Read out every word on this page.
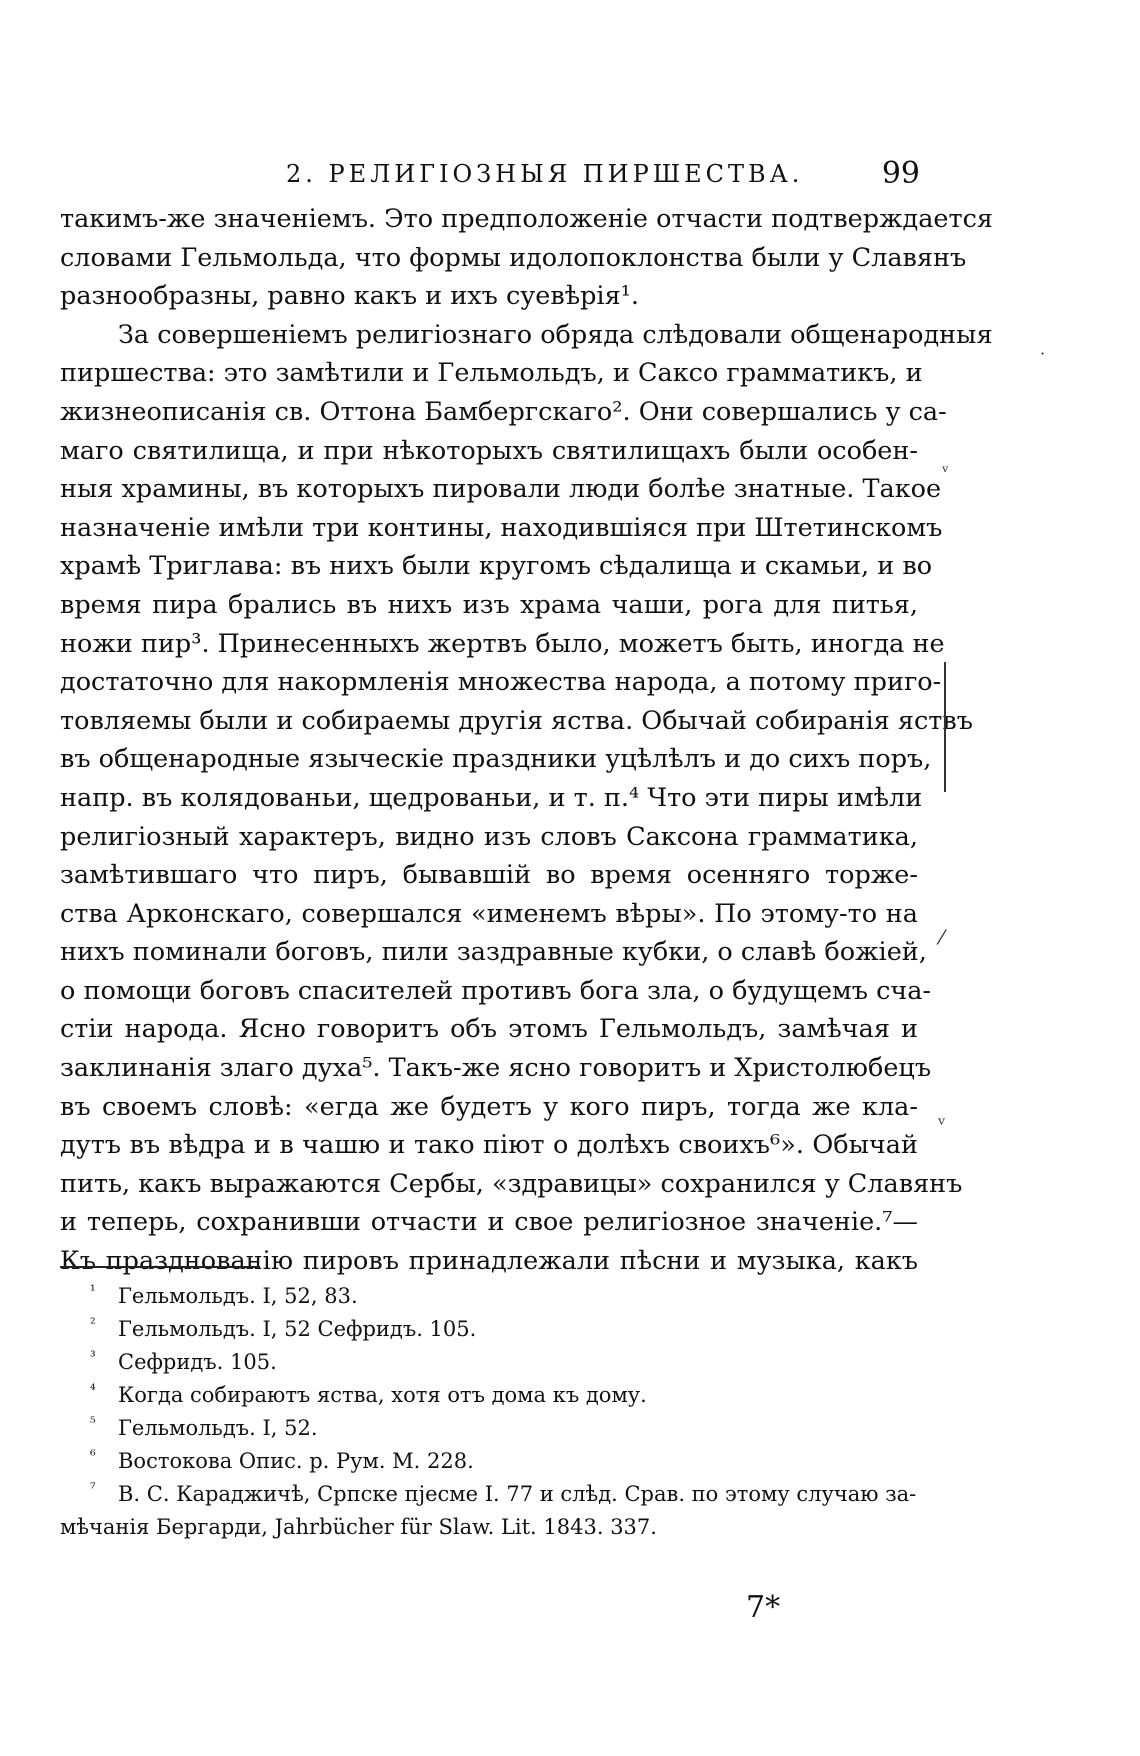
2. РЕЛИГІОЗНЫЯ ПИРШЕСТВА.	99
такимъ-же значеніемъ. Это предположеніе отчасти подтверждается
словами Гельмольда, что формы идолопоклонства были у Славянъ
разнообразны, равно какъ и ихъ суевѣрія¹.
За совершеніемъ религіознаго обряда слѣдовали общенародныя
пиршества: это замѣтили и Гельмольдъ, и Саксо грамматикъ, и
жизнеописанія св. Оттона Бамбергскаго². Они совершались у са-
маго святилища, и при нѣкоторыхъ святилищахъ были особен-
ныя храмины, въ которыхъ пировали люди болѣе знатные. Такое
назначеніе имѣли три контины, находившіяся при Штетинскомъ
храмѣ Триглава: въ нихъ были кругомъ сѣдалища и скамьи, и во
время пира брались въ нихъ изъ храма чаши, рога для питья,
ножи пир³. Принесенныхъ жертвъ было, можетъ быть, иногда не
достаточно для накормленія множества народа, а потому приго-
товляемы были и собираемы другія яства. Обычай собиранія яствъ
въ общенародные языческіе праздники уцѣлѣлъ и до сихъ поръ,
напр. въ колядованьи, щедрованьи, и т. п.⁴ Что эти пиры имѣли
религіозный характеръ, видно изъ словъ Саксона грамматика,
замѣтившаго что пиръ, бывавшій во время осенняго торже-
ства Арконскаго, совершался «именемъ вѣры». По этому-то на
нихъ поминали боговъ, пили заздравные кубки, о славѣ божіей,
о помощи боговъ спасителей противъ бога зла, о будущемъ сча-
стіи народа. Ясно говоритъ объ этомъ Гельмольдъ, замѣчая и
заклинанія злаго духа⁵. Такъ-же ясно говоритъ и Христолюбецъ
въ своемъ словѣ: «егда же будетъ у кого пиръ, тогда же кла-
дутъ въ вѣдра и в чашю и тако піют о долѣхъ своихъ⁶». Обычай
пить, какъ выражаются Сербы, «здравицы» сохранился у Славянъ
и теперь, сохранивши отчасти и свое религіозное значеніе.⁷—
Къ празднованію пировъ принадлежали пѣсни и музыка, какъ
¹ Гельмольдъ. I, 52, 83.
² Гельмольдъ. I, 52 Сефридъ. 105.
³ Сефридъ. 105.
⁴ Когда собираютъ яства, хотя отъ дома къ дому.
⁵ Гельмольдъ. I, 52.
⁶ Востокова Опис. р. Рум. М. 228.
⁷ В. С. Караджичѣ, Српске пјесме I. 77 и слѣд. Срав. по этому случаю за-
мѣчанія Бергарди, Jahrbücher für Slaw. Lit. 1843. 337.
7*
·
ᵛ
⁄
ᵛ
